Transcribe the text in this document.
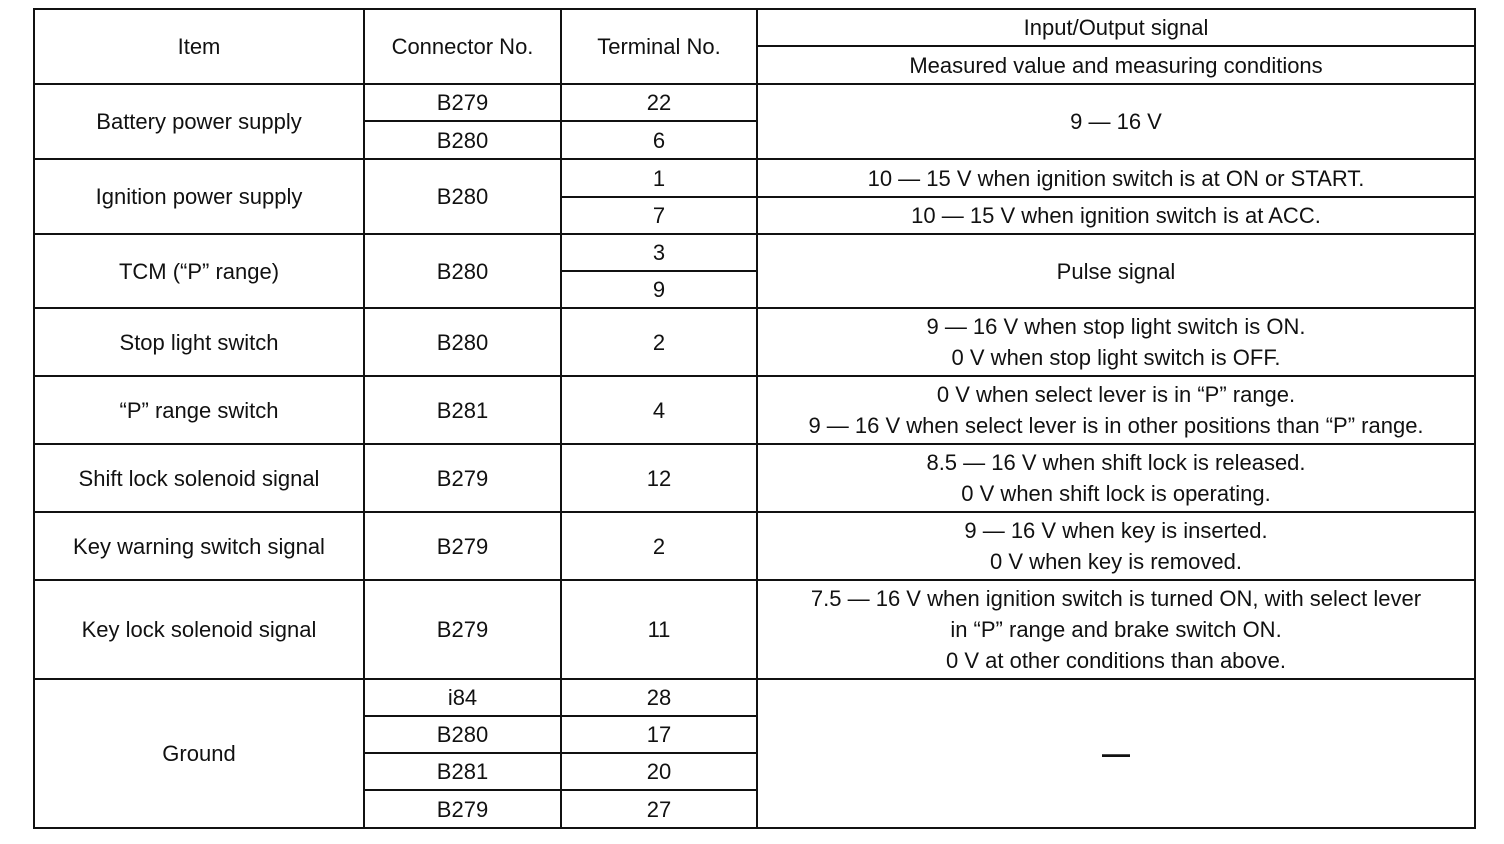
Item	Connector No.	Terminal No.	Input/Output signal
			Measured value and measuring conditions
Battery power supply	B279	22	9 — 16 V
	B280	6	
Ignition power supply	B280	1	10 — 15 V when ignition switch is at ON or START.
		7	10 — 15 V when ignition switch is at ACC.
TCM (“P” range)	B280	3	Pulse signal
		9	
Stop light switch	B280	2	9 — 16 V when stop light switch is ON.
0 V when stop light switch is OFF.

“P” range switch	B281	4	0 V when select lever is in “P” range.
9 — 16 V when select lever is in other positions than “P” range.

Shift lock solenoid signal	B279	12	8.5 — 16 V when shift lock is released.
0 V when shift lock is operating.

Key warning switch signal	B279	2	9 — 16 V when key is inserted.
0 V when key is removed.

Key lock solenoid signal	B279	11	7.5 — 16 V when ignition switch is turned ON, with select lever
in “P” range and brake switch ON.
0 V at other conditions than above.

Ground	i84	28	—
	B280	17	
	B281	20	
	B279	27	
